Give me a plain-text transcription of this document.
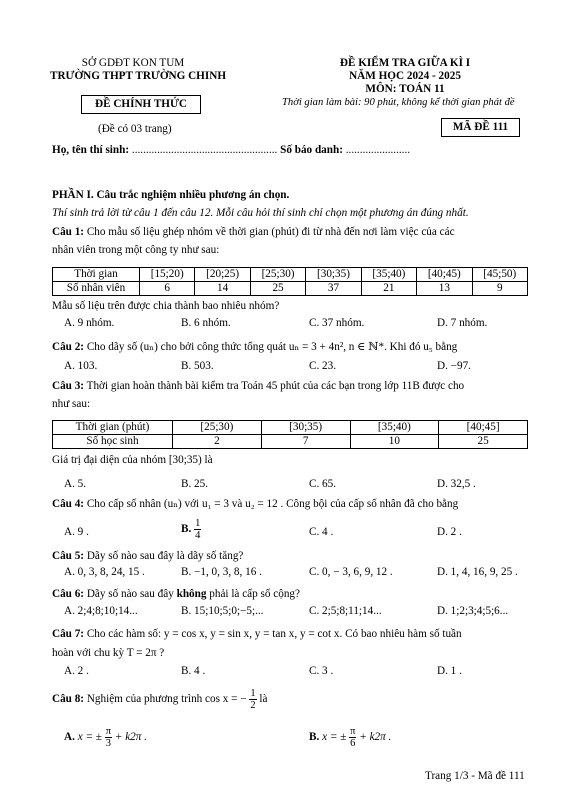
SỞ GDĐT KON TUM
TRƯỜNG THPT TRƯỜNG CHINH
ĐỀ CHÍNH THỨC
(Đề có 03 trang)
ĐỀ KIỂM TRA GIỮA KÌ I
NĂM HỌC 2024 - 2025
MÔN: TOÁN 11
Thời gian làm bài: 90 phút, không kể thời gian phát đề
MÃ ĐỀ 111
Họ, tên thí sinh: .................................................... Số báo danh: .......................
PHẦN I. Câu trắc nghiệm nhiều phương án chọn.
Thí sinh trả lời từ câu 1 đến câu 12. Mỗi câu hỏi thí sinh chỉ chọn một phương án đúng nhất.
Câu 1: Cho mẫu số liệu ghép nhóm về thời gian (phút) đi từ nhà đến nơi làm việc của các
nhân viên trong một công ty như sau:
Thời gian	[15;20)	[20;25)	[25;30)	[30;35)	[35;40)	[40;45)	[45;50)
Số nhân viên	6	14	25	37	21	13	9
Mẫu số liệu trên được chia thành bao nhiêu nhóm?
A. 9 nhóm.	B. 6 nhóm.	C. 37 nhóm.	D. 7 nhóm.
Câu 2: Cho dãy số (uₙ) cho bởi công thức tổng quát uₙ = 3 + 4n², n ∈ ℕ*. Khi đó u₅ bằng
A. 103.	B. 503.	C. 23.	D. −97.
Câu 3: Thời gian hoàn thành bài kiểm tra Toán 45 phút của các bạn trong lớp 11B được cho
như sau:
Thời gian (phút)	[25;30)	[30;35)	[35;40)	[40;45]
Số học sinh	2	7	10	25
Giá trị đại diện của nhóm [30;35) là
A. 5.	B. 25.	C. 65.	D. 32,5 .
Câu 4: Cho cấp số nhân (uₙ) với u₁ = 3 và u₂ = 12 . Công bội của cấp số nhân đã cho bằng
A. 9 .	B. $\frac{1}{4}$	C. 4 .	D. 2 .
Câu 5: Dãy số nào sau đây là dãy số tăng?
A. 0, 3, 8, 24, 15 .	B. −1, 0, 3, 8, 16 .	C. 0, − 3, 6, 9, 12 .	D. 1, 4, 16, 9, 25 .
Câu 6: Dãy số nào sau đây không phải là cấp số cộng?
A. 2;4;8;10;14...	B. 15;10;5;0;−5;...	C. 2;5;8;11;14...	D. 1;2;3;4;5;6...
Câu 7: Cho các hàm số: y = cos x, y = sin x, y = tan x, y = cot x. Có bao nhiêu hàm số tuần
hoàn với chu kỳ T = 2π ?
A. 2 .	B. 4 .	C. 3 .	D. 1 .
Câu 8: Nghiệm của phương trình cos x = − $\frac{1}{2}$ là
A. x = ± $\frac{\pi}{3} + k2\pi$ .	B. x = ± $\frac{\pi}{6} + k2\pi$ .
Trang 1/3 - Mã đề 111
